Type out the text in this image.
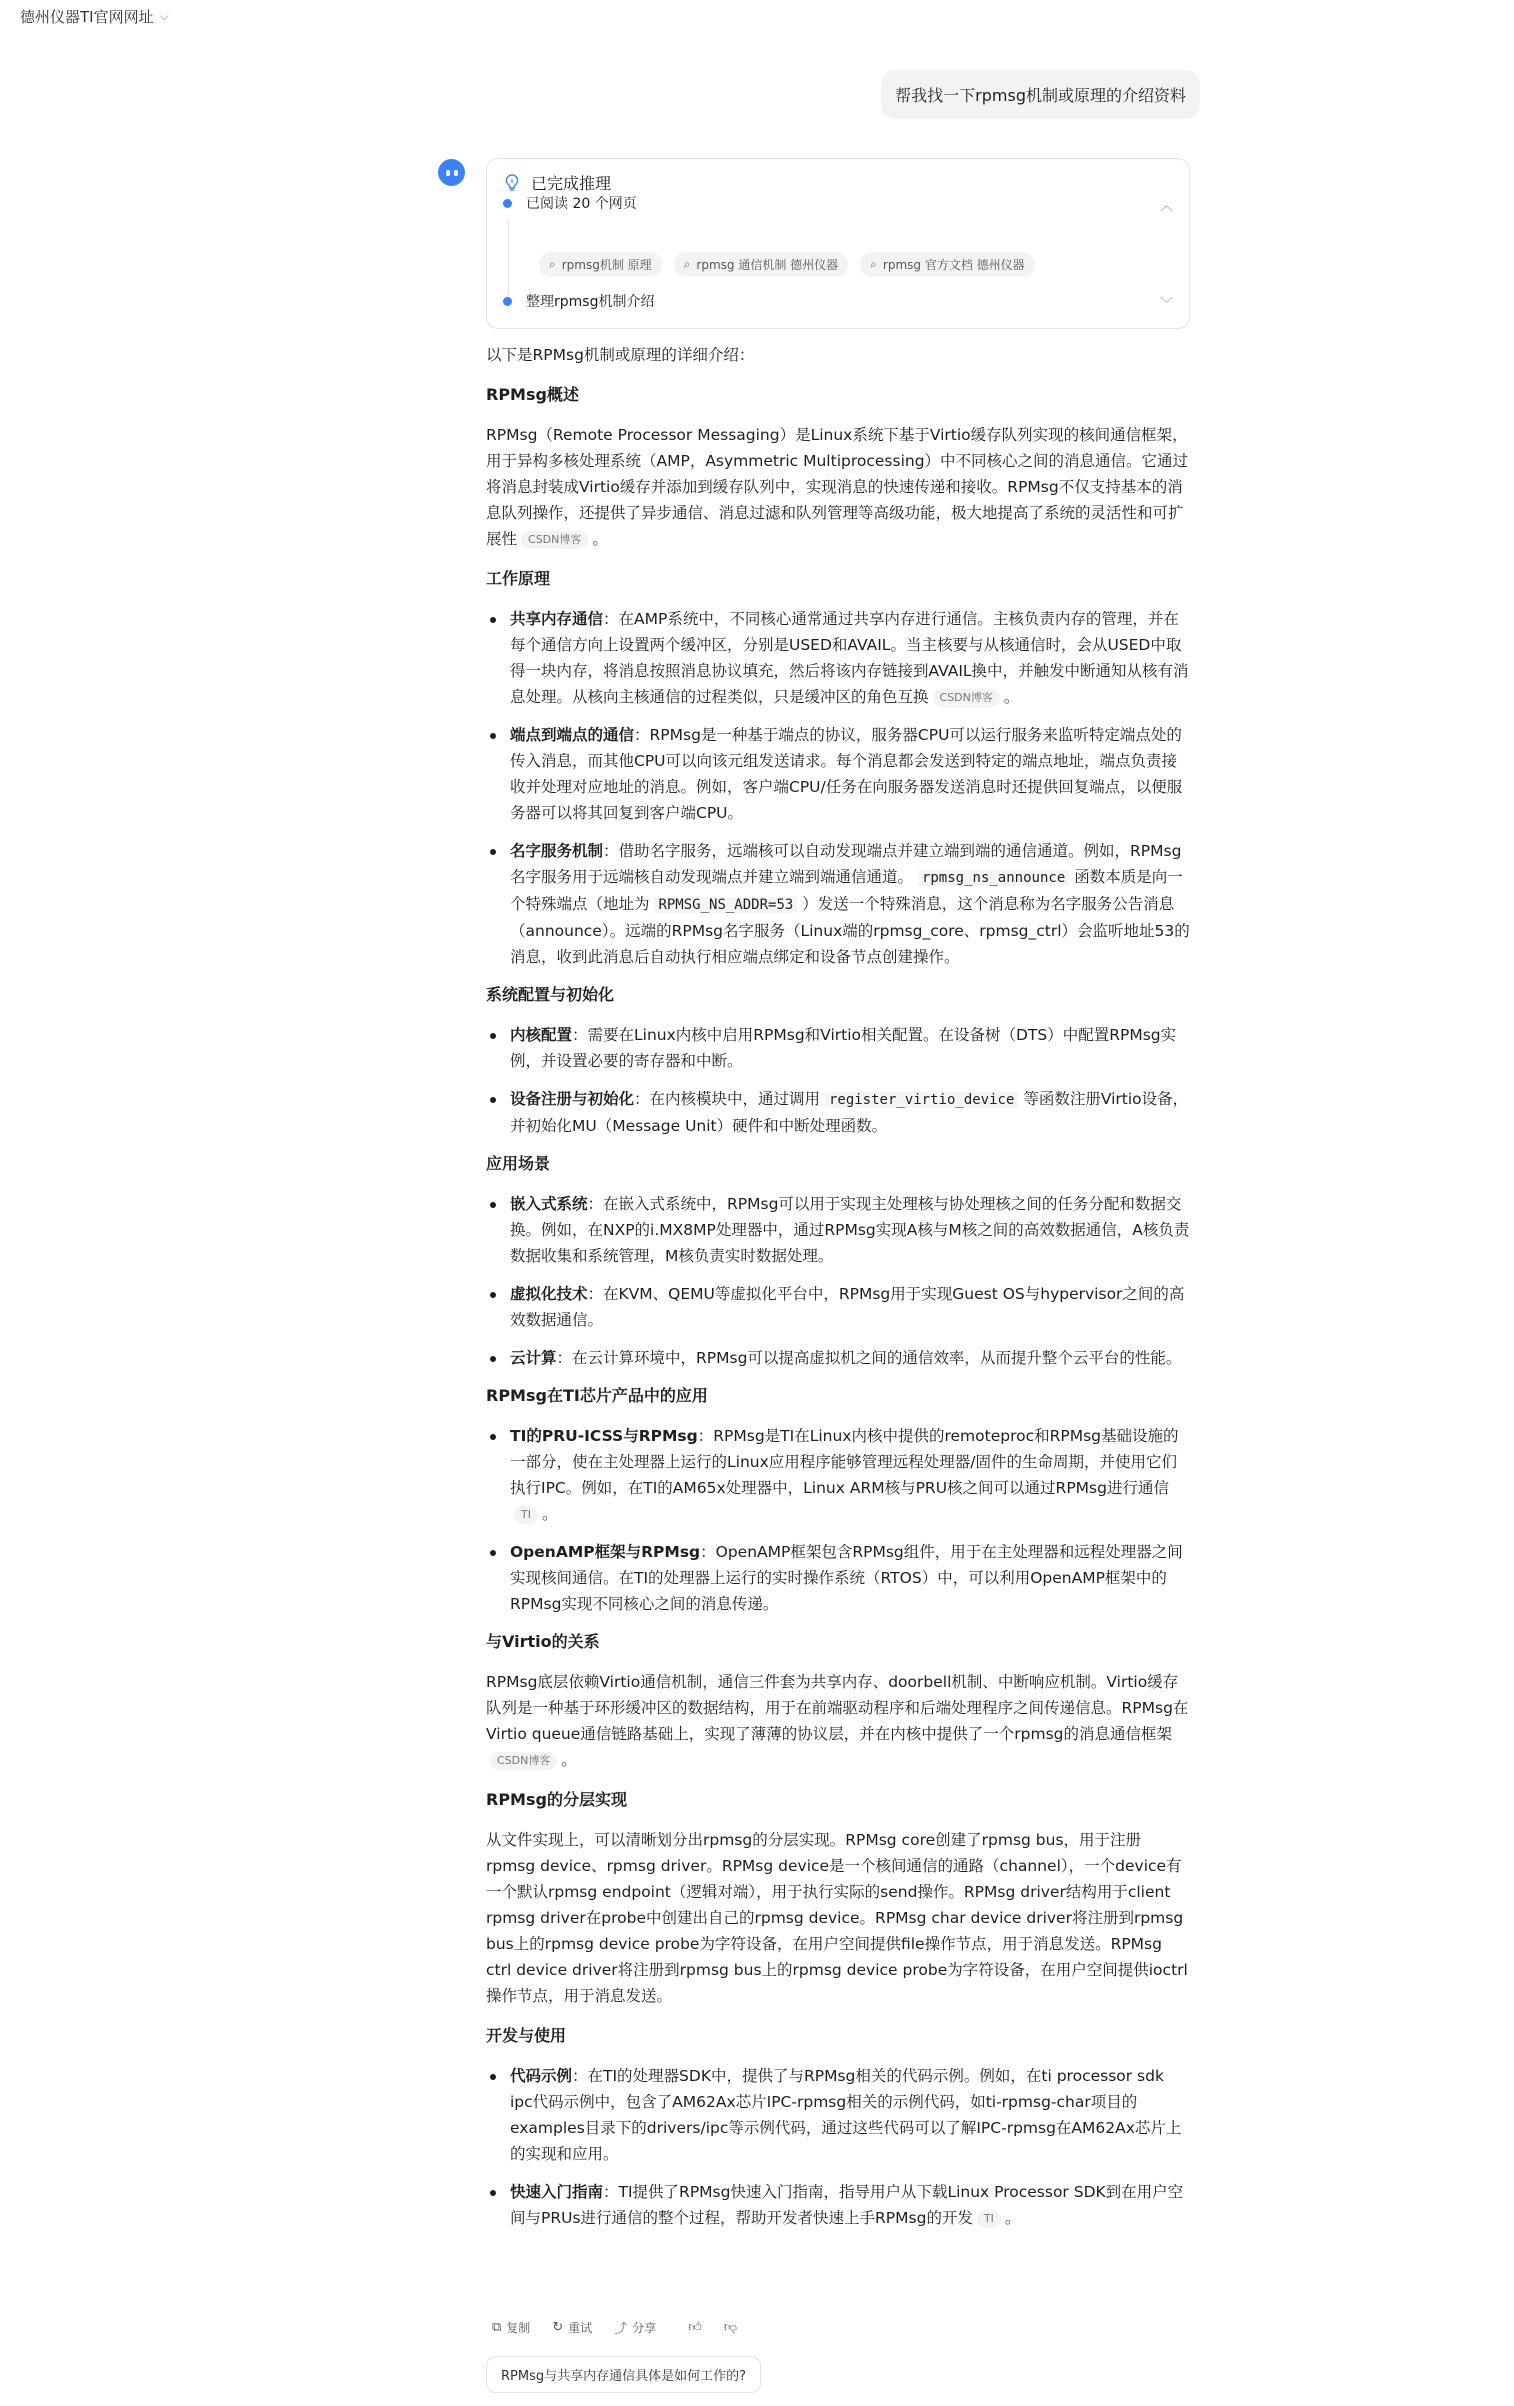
德州仪器TI官网网址 ⌵
帮我找一下rpmsg机制或原理的介绍资料
已完成推理
已阅读 20 个网页	︿
⌕ rpmsg机制 原理	⌕ rpmsg 通信机制 德州仪器	⌕ rpmsg 官方文档 德州仪器
整理rpmsg机制介绍	﹀

以下是RPMsg机制或原理的详细介绍：

RPMsg概述

RPMsg（Remote Processor Messaging）是Linux系统下基于Virtio缓存队列实现的核间通信框架，用于异构多核处理系统（AMP，Asymmetric Multiprocessing）中不同核心之间的消息通信。它通过将消息封装成Virtio缓存并添加到缓存队列中，实现消息的快速传递和接收。RPMsg不仅支持基本的消息队列操作，还提供了异步通信、消息过滤和队列管理等高级功能，极大地提高了系统的灵活性和可扩展性 CSDN博客 。

工作原理
共享内存通信：在AMP系统中，不同核心通常通过共享内存进行通信。主核负责内存的管理，并在每个通信方向上设置两个缓冲区，分别是USED和AVAIL。当主核要与从核通信时，会从USED中取得一块内存，将消息按照消息协议填充，然后将该内存链接到AVAIL換中，并触发中断通知从核有消息处理。从核向主核通信的过程类似，只是缓冲区的角色互换 CSDN博客 。
端点到端点的通信：RPMsg是一种基于端点的协议，服务器CPU可以运行服务来监听特定端点处的传入消息，而其他CPU可以向该元组发送请求。每个消息都会发送到特定的端点地址，端点负责接收并处理对应地址的消息。例如，客户端CPU/任务在向服务器发送消息时还提供回复端点，以便服务器可以将其回复到客户端CPU。
名字服务机制：借助名字服务，远端核可以自动发现端点并建立端到端的通信通道。例如，RPMsg名字服务用于远端核自动发现端点并建立端到端通信通道。 rpmsg_ns_announce 函数本质是向一个特殊端点（地址为 RPMSG_NS_ADDR=53 ）发送一个特殊消息，这个消息称为名字服务公告消息（announce）。远端的RPMsg名字服务（Linux端的rpmsg_core、rpmsg_ctrl）会监听地址53的消息，收到此消息后自动执行相应端点绑定和设备节点创建操作。
系统配置与初始化
内核配置：需要在Linux内核中启用RPMsg和Virtio相关配置。在设备树（DTS）中配置RPMsg实例，并设置必要的寄存器和中断。
设备注册与初始化：在内核模块中，通过调用 register_virtio_device 等函数注册Virtio设备，并初始化MU（Message Unit）硬件和中断处理函数。
应用场景
嵌入式系统：在嵌入式系统中，RPMsg可以用于实现主处理核与协处理核之间的任务分配和数据交换。例如，在NXP的i.MX8MP处理器中，通过RPMsg实现A核与M核之间的高效数据通信，A核负责数据收集和系统管理，M核负责实时数据处理。
虚拟化技术：在KVM、QEMU等虚拟化平台中，RPMsg用于实现Guest OS与hypervisor之间的高效数据通信。
云计算：在云计算环境中，RPMsg可以提高虚拟机之间的通信效率，从而提升整个云平台的性能。
RPMsg在TI芯片产品中的应用
TI的PRU-ICSS与RPMsg：RPMsg是TI在Linux内核中提供的remoteproc和RPMsg基础设施的一部分，使在主处理器上运行的Linux应用程序能够管理远程处理器/固件的生命周期，并使用它们执行IPC。例如，在TI的AM65x处理器中，Linux ARM核与PRU核之间可以通过RPMsg进行通信TI 。
OpenAMP框架与RPMsg：OpenAMP框架包含RPMsg组件，用于在主处理器和远程处理器之间实现核间通信。在TI的处理器上运行的实时操作系统（RTOS）中，可以利用OpenAMP框架中的RPMsg实现不同核心之间的消息传递。
与Virtio的关系

RPMsg底层依赖Virtio通信机制，通信三件套为共享内存、doorbell机制、中断响应机制。Virtio缓存队列是一种基于环形缓冲区的数据结构，用于在前端驱动程序和后端处理程序之间传递信息。RPMsg在Virtio queue通信链路基础上，实现了薄薄的协议层，并在内核中提供了一个rpmsg的消息通信框架CSDN博客 。

RPMsg的分层实现

从文件实现上，可以清晰划分出rpmsg的分层实现。RPMsg core创建了rpmsg bus，用于注册rpmsg device、rpmsg driver。RPMsg device是一个核间通信的通路（channel），一个device有一个默认rpmsg endpoint（逻辑对端），用于执行实际的send操作。RPMsg driver结构用于client rpmsg driver在probe中创建出自己的rpmsg device。RPMsg char device driver将注册到rpmsg bus上的rpmsg device probe为字符设备，在用户空间提供file操作节点，用于消息发送。RPMsg ctrl device driver将注册到rpmsg bus上的rpmsg device probe为字符设备，在用户空间提供ioctrl操作节点，用于消息发送。

开发与使用
代码示例：在TI的处理器SDK中，提供了与RPMsg相关的代码示例。例如，在ti processor sdk ipc代码示例中，包含了AM62Ax芯片IPC-rpmsg相关的示例代码，如ti-rpmsg-char项目的examples目录下的drivers/ipc等示例代码，通过这些代码可以了解IPC-rpmsg在AM62Ax芯片上的实现和应用。
快速入门指南：TI提供了RPMsg快速入门指南，指导用户从下载Linux Processor SDK到在用户空间与PRUs进行通信的整个过程，帮助开发者快速上手RPMsg的开发 TI 。
⧉ 复制 ↻ 重试 ⤴ 分享 👍︎ 👎︎
RPMsg与共享内存通信具体是如何工作的?
